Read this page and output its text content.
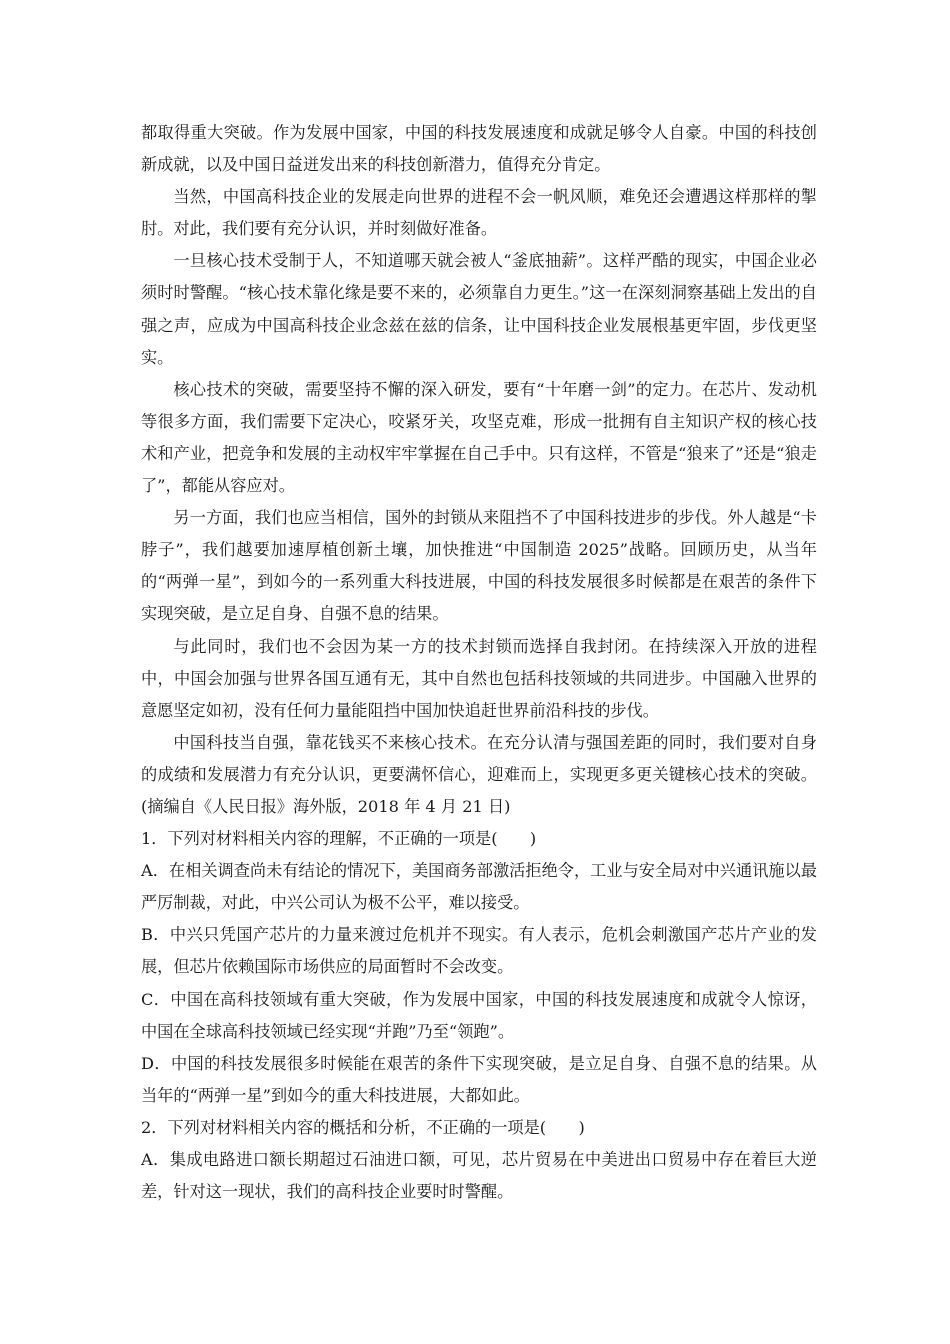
都取得重大突破。作为发展中国家，中国的科技发展速度和成就足够令人自豪。中国的科技创新成就，以及中国日益迸发出来的科技创新潜力，值得充分肯定。

当然，中国高科技企业的发展走向世界的进程不会一帆风顺，难免还会遭遇这样那样的掣肘。对此，我们要有充分认识，并时刻做好准备。

一旦核心技术受制于人，不知道哪天就会被人“釜底抽薪”。这样严酷的现实，中国企业必须时时警醒。“核心技术靠化缘是要不来的，必须靠自力更生。”这一在深刻洞察基础上发出的自强之声，应成为中国高科技企业念兹在兹的信条，让中国科技企业发展根基更牢固，步伐更坚实。

核心技术的突破，需要坚持不懈的深入研发，要有“十年磨一剑”的定力。在芯片、发动机等很多方面，我们需要下定决心，咬紧牙关，攻坚克难，形成一批拥有自主知识产权的核心技术和产业，把竞争和发展的主动权牢牢掌握在自己手中。只有这样，不管是“狼来了”还是“狼走了”，都能从容应对。

另一方面，我们也应当相信，国外的封锁从来阻挡不了中国科技进步的步伐。外人越是“卡脖子”，我们越要加速厚植创新土壤，加快推进“中国制造 2025”战略。回顾历史，从当年的“两弹一星”，到如今的一系列重大科技进展，中国的科技发展很多时候都是在艰苦的条件下实现突破，是立足自身、自强不息的结果。

与此同时，我们也不会因为某一方的技术封锁而选择自我封闭。在持续深入开放的进程中，中国会加强与世界各国互通有无，其中自然也包括科技领域的共同进步。中国融入世界的意愿坚定如初，没有任何力量能阻挡中国加快追赶世界前沿科技的步伐。

中国科技当自强，靠花钱买不来核心技术。在充分认清与强国差距的同时，我们要对自身的成绩和发展潜力有充分认识，更要满怀信心，迎难而上，实现更多更关键核心技术的突破。(摘编自《人民日报》海外版，2018 年 4 月 21 日)

1．下列对材料相关内容的理解，不正确的一项是(　　)

A．在相关调查尚未有结论的情况下，美国商务部激活拒绝令，工业与安全局对中兴通讯施以最严厉制裁，对此，中兴公司认为极不公平，难以接受。

B．中兴只凭国产芯片的力量来渡过危机并不现实。有人表示，危机会刺激国产芯片产业的发展，但芯片依赖国际市场供应的局面暂时不会改变。

C．中国在高科技领域有重大突破，作为发展中国家，中国的科技发展速度和成就令人惊讶，中国在全球高科技领域已经实现“并跑”乃至“领跑”。

D．中国的科技发展很多时候能在艰苦的条件下实现突破，是立足自身、自强不息的结果。从当年的“两弹一星”到如今的重大科技进展，大都如此。

2．下列对材料相关内容的概括和分析，不正确的一项是(　　)

A．集成电路进口额长期超过石油进口额，可见，芯片贸易在中美进出口贸易中存在着巨大逆差，针对这一现状，我们的高科技企业要时时警醒。
